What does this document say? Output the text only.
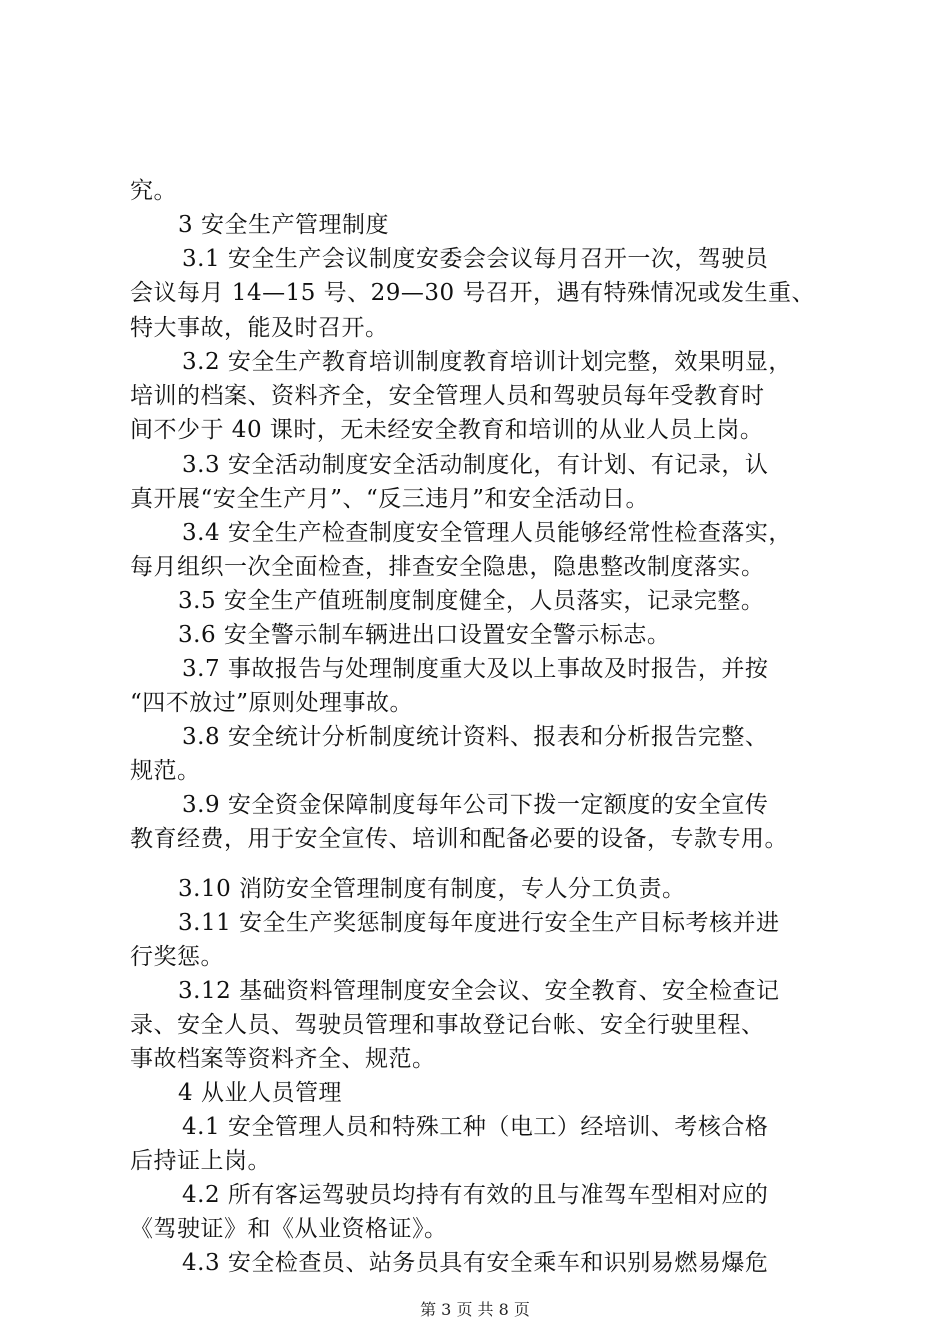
究。
3 安全生产管理制度
3.1 安全生产会议制度安委会会议每月召开一次，驾驶员
会议每月 14—15 号、29—30 号召开，遇有特殊情况或发生重、
特大事故，能及时召开。
3.2 安全生产教育培训制度教育培训计划完整，效果明显，
培训的档案、资料齐全，安全管理人员和驾驶员每年受教育时
间不少于 40 课时，无未经安全教育和培训的从业人员上岗。
3.3 安全活动制度安全活动制度化，有计划、有记录，认
真开展“安全生产月”、“反三违月”和安全活动日。
3.4 安全生产检查制度安全管理人员能够经常性检查落实，
每月组织一次全面检查，排查安全隐患，隐患整改制度落实。
3.5 安全生产值班制度制度健全，人员落实，记录完整。
3.6 安全警示制车辆进出口设置安全警示标志。
3.7 事故报告与处理制度重大及以上事故及时报告，并按
“四不放过”原则处理事故。
3.8 安全统计分析制度统计资料、报表和分析报告完整、
规范。
3.9 安全资金保障制度每年公司下拨一定额度的安全宣传
教育经费，用于安全宣传、培训和配备必要的设备，专款专用。
3.10 消防安全管理制度有制度，专人分工负责。
3.11 安全生产奖惩制度每年度进行安全生产目标考核并进
行奖惩。
3.12 基础资料管理制度安全会议、安全教育、安全检查记
录、安全人员、驾驶员管理和事故登记台帐、安全行驶里程、
事故档案等资料齐全、规范。
4 从业人员管理
4.1 安全管理人员和特殊工种（电工）经培训、考核合格
后持证上岗。
4.2 所有客运驾驶员均持有有效的且与准驾车型相对应的
《驾驶证》和《从业资格证》。
4.3 安全检查员、站务员具有安全乘车和识别易燃易爆危
第 3 页 共 8 页
